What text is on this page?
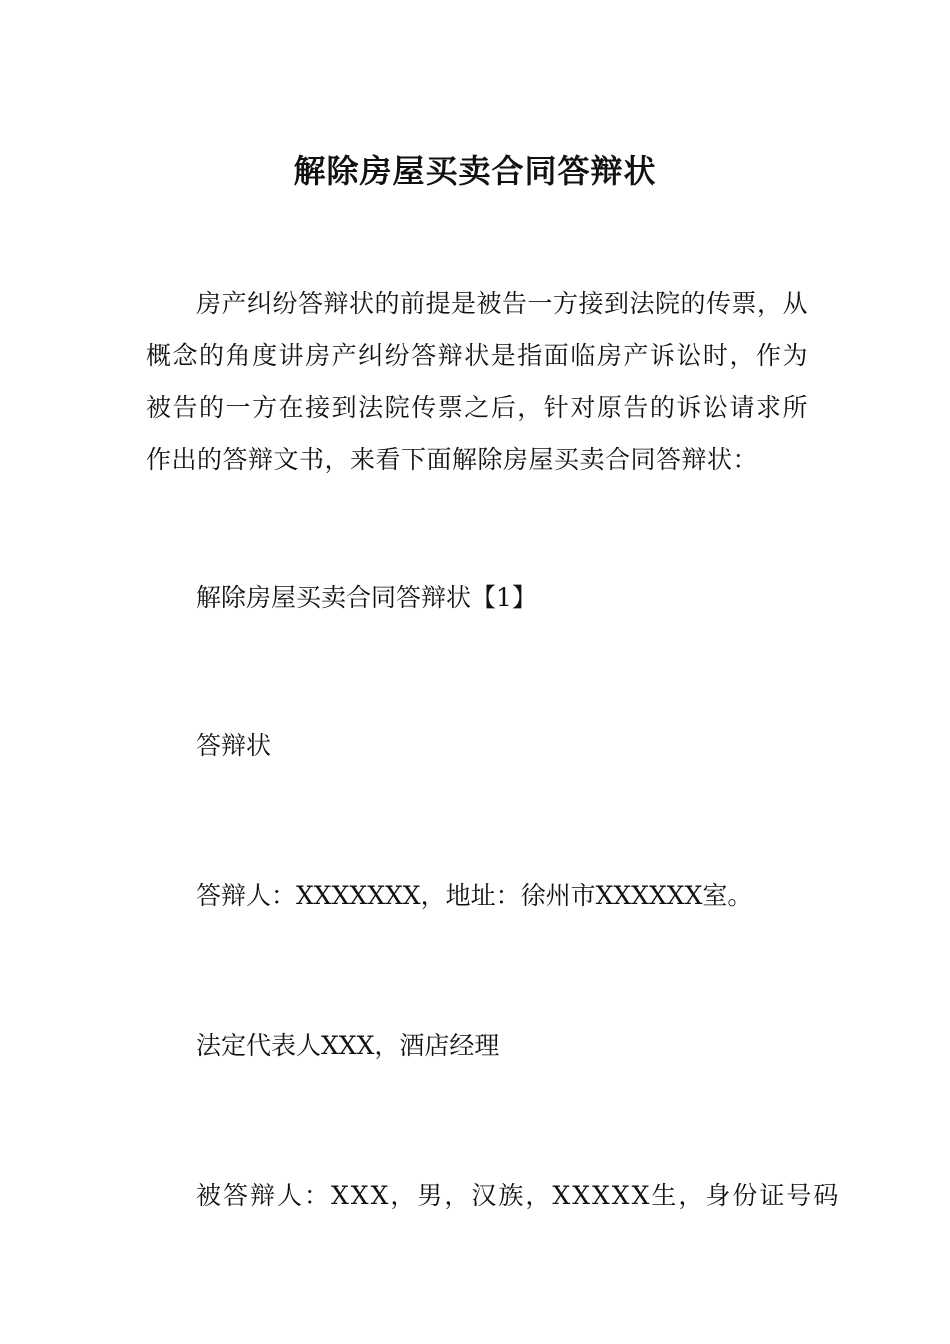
解除房屋买卖合同答辩状

房产纠纷答辩状的前提是被告一方接到法院的传票，从概念的角度讲房产纠纷答辩状是指面临房产诉讼时，作为被告的一方在接到法院传票之后，针对原告的诉讼请求所作出的答辩文书，来看下面解除房屋买卖合同答辩状：

解除房屋买卖合同答辩状【1】

答辩状

答辩人：XXXXXXX，地址：徐州市XXXXXX室。

法定代表人XXX，酒店经理

被答辩人：XXX，男，汉族，XXXXX生，身份证号码
